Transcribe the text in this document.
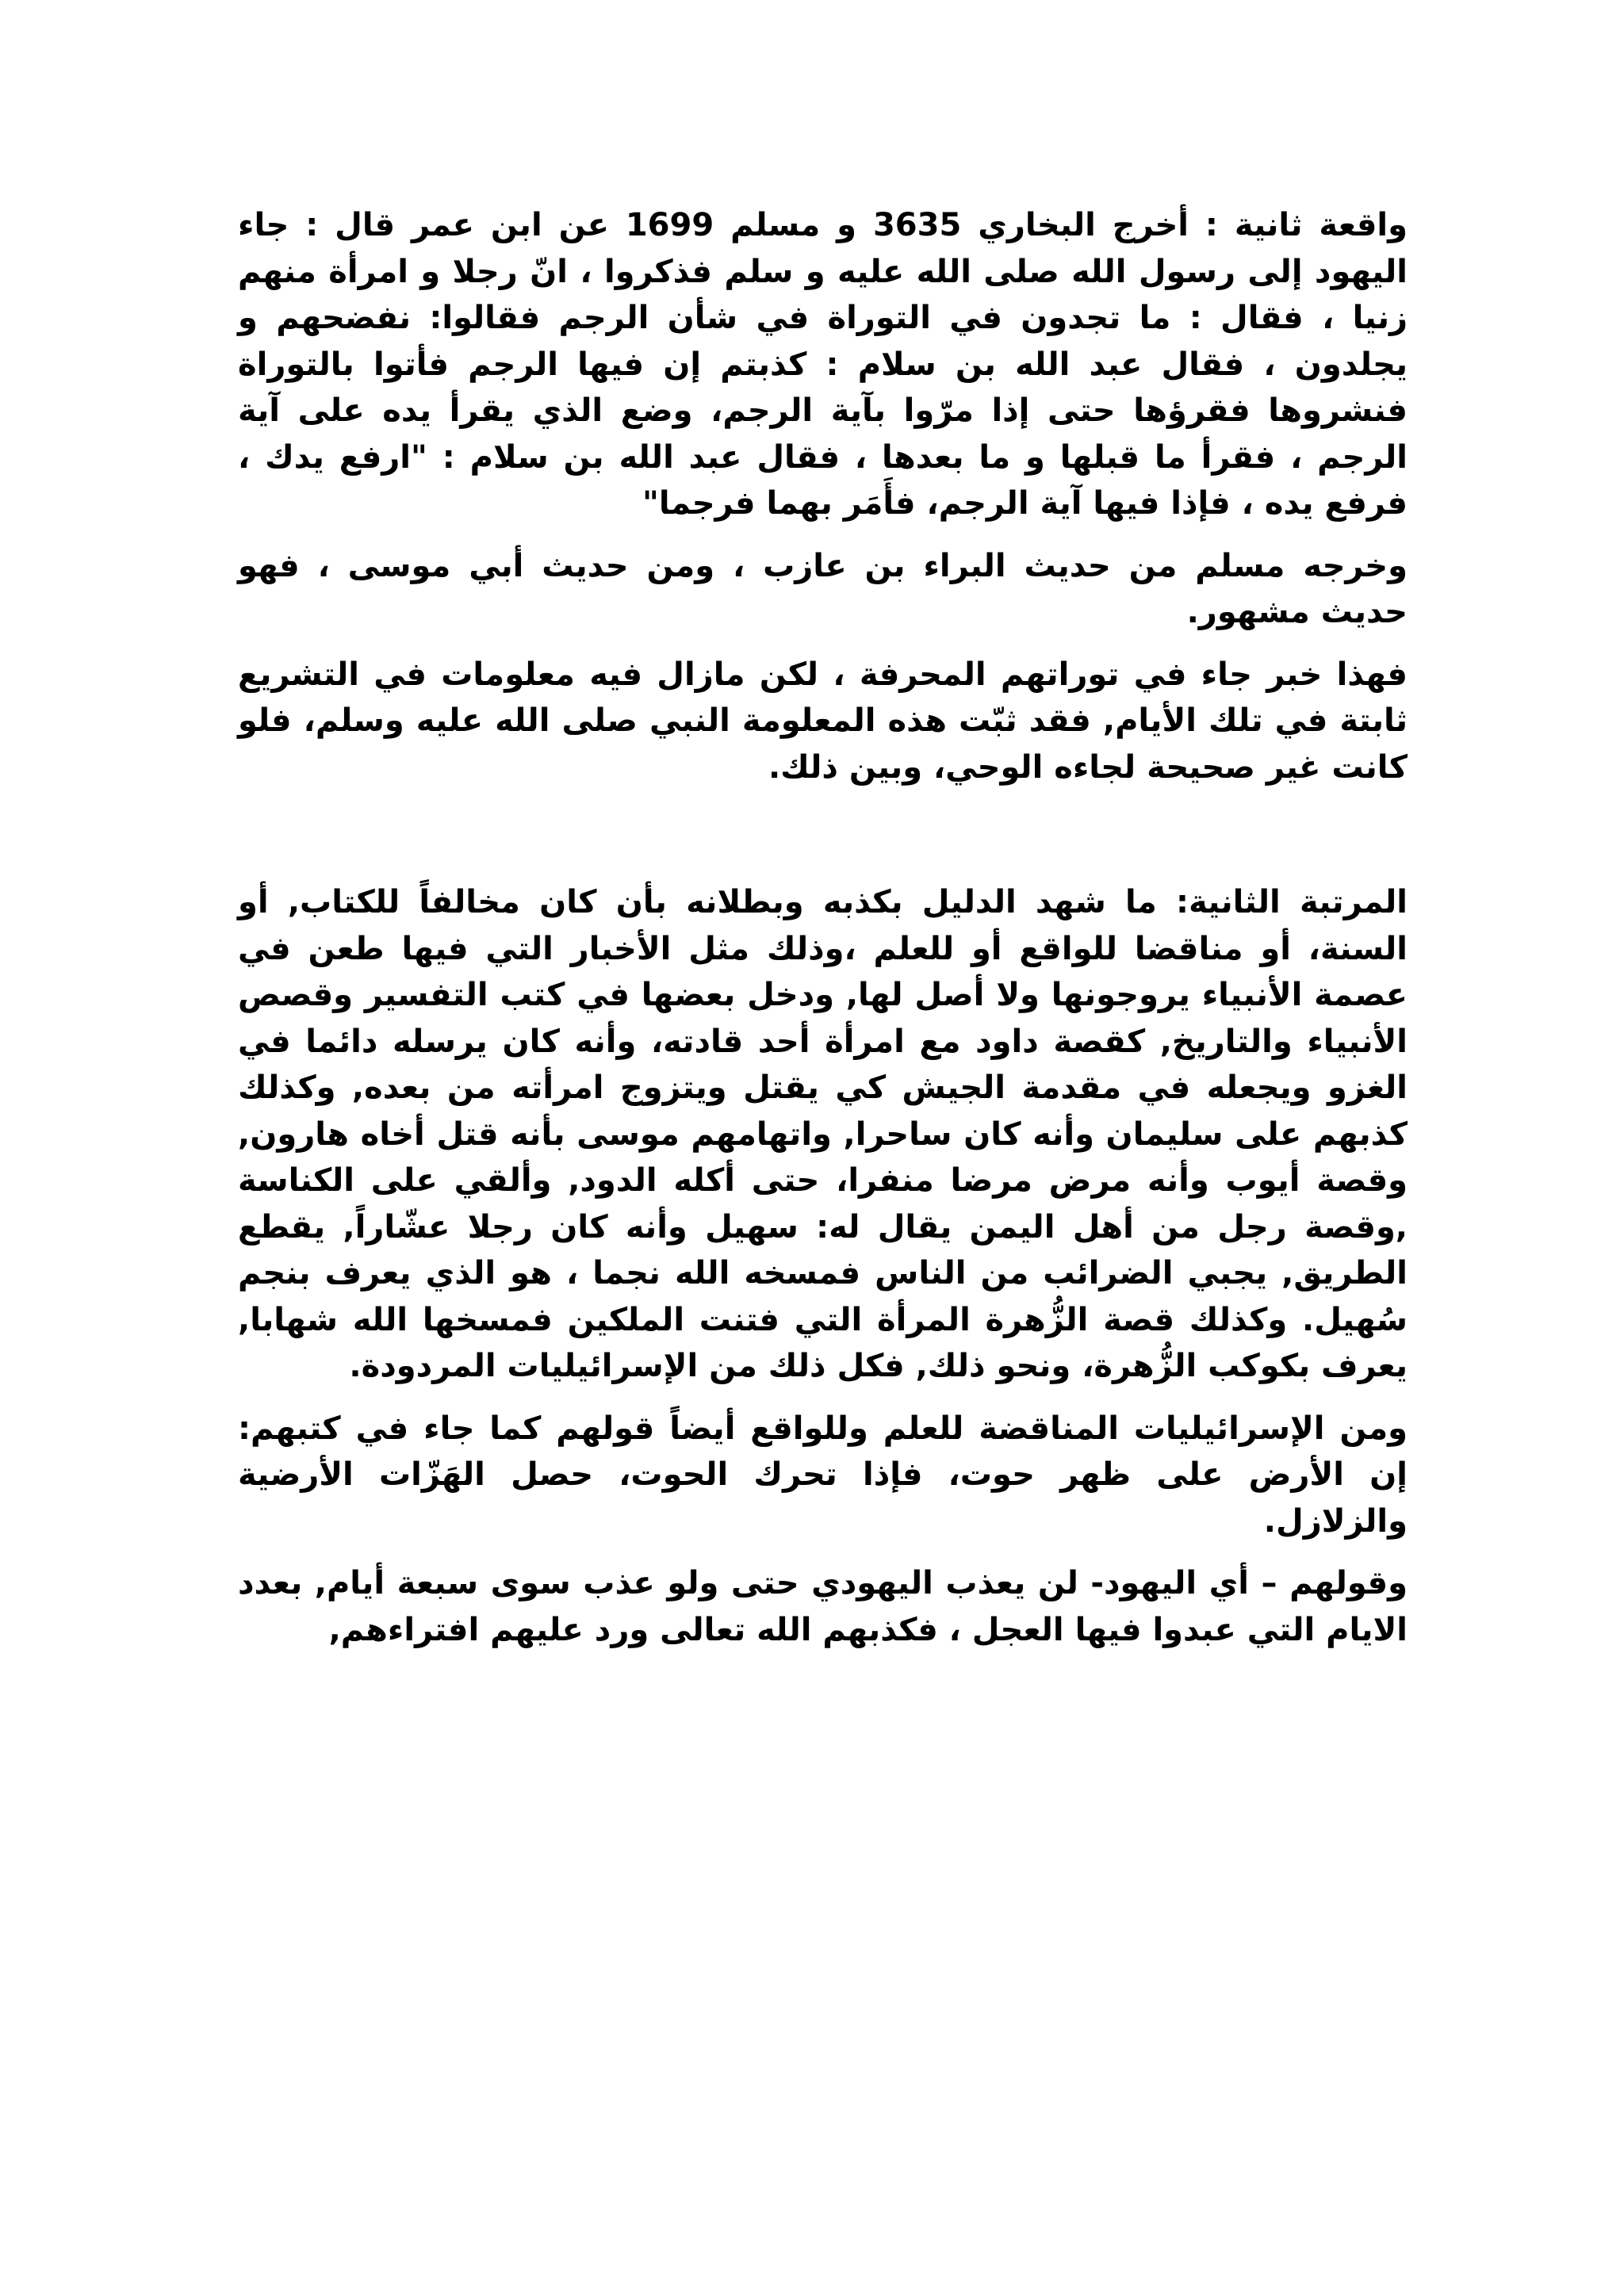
واقعة ثانية : أخرج البخاري 3635 و مسلم 1699 عن ابن عمر قال : جاء اليهود إلى رسول الله صلى الله عليه و سلم فذكروا ، انّ رجلا و امرأة منهم زنيا ، فقال : ما تجدون في التوراة في شأن الرجم فقالوا: نفضحهم و يجلدون ، فقال عبد الله بن سلام : كذبتم إن فيها الرجم فأتوا بالتوراة فنشروها فقرؤها حتى إذا مرّوا بآية الرجم، وضع الذي يقرأ يده على آية الرجم ، فقرأ ما قبلها و ما بعدها ، فقال عبد الله بن سلام : "ارفع يدك ، فرفع يده ، فإذا فيها آية الرجم، فأَمَر بهما فرجما"

وخرجه مسلم من حديث البراء بن عازب ، ومن حديث أبي موسى ، فهو حديث مشهور.

فهذا خبر جاء في توراتهم المحرفة ، لكن مازال فيه معلومات في التشريع ثابتة في تلك الأيام, فقد ثبّت هذه المعلومة النبي صلى الله عليه وسلم، فلو كانت غير صحيحة لجاءه الوحي، وبين ذلك.

المرتبة الثانية: ما شهد الدليل بكذبه وبطلانه بأن كان مخالفاً للكتاب, أو السنة، أو مناقضا للواقع أو للعلم ،وذلك مثل الأخبار التي فيها طعن في عصمة الأنبياء يروجونها ولا أصل لها, ودخل بعضها في كتب التفسير وقصص الأنبياء والتاريخ, كقصة داود مع امرأة أحد قادته، وأنه كان يرسله دائما في الغزو ويجعله في مقدمة الجيش كي يقتل ويتزوج امرأته من بعده, وكذلك كذبهم على سليمان وأنه كان ساحرا, واتهامهم موسى بأنه قتل أخاه هارون, وقصة أيوب وأنه مرض مرضا منفرا، حتى أكله الدود, وألقي على الكناسة ,وقصة رجل من أهل اليمن يقال له: سهيل وأنه كان رجلا عشّاراً, يقطع الطريق, يجبي الضرائب من الناس فمسخه الله نجما ، هو الذي يعرف بنجم سُهيل. وكذلك قصة الزُّهرة المرأة التي فتنت الملكين فمسخها الله شهابا, يعرف بكوكب الزُّهرة، ونحو ذلك, فكل ذلك من الإسرائيليات المردودة.

ومن الإسرائيليات المناقضة للعلم وللواقع أيضاً قولهم كما جاء في كتبهم: إن الأرض على ظهر حوت، فإذا تحرك الحوت، حصل الهَزّات الأرضية والزلازل.

وقولهم – أي اليهود- لن يعذب اليهودي حتى ولو عذب سوى سبعة أيام, بعدد الايام التي عبدوا فيها العجل ، فكذبهم الله تعالى ورد عليهم افتراءهم,
